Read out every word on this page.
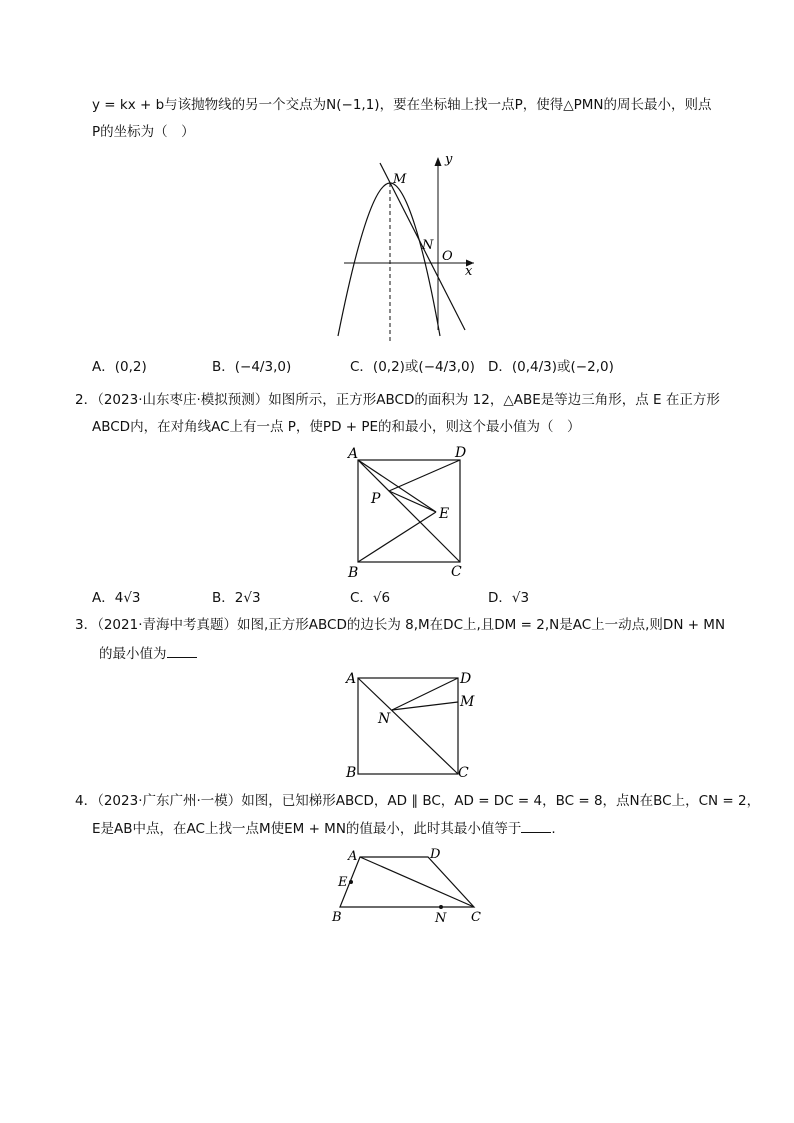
y = kx + b与该抛物线的另一个交点为N(−1,1)，要在坐标轴上找一点P，使得△PMN的周长最小，则点
P的坐标为（　）
M
N
O
x
y
A．(0,2)	B．(−4/3,0)	C．(0,2)或(−4/3,0) D．(0,4/3)或(−2,0)
2．（2023·山东枣庄·模拟预测）如图所示，正方形ABCD的面积为 12，△ABE是等边三角形，点 E 在正方形
ABCD内，在对角线AC上有一点 P，使PD + PE的和最小，则这个最小值为（　）
A	D
B	C
P
E
A．4√3	B．2√3	C．√6	D．√3
3．（2021·青海中考真题）如图,正方形ABCD的边长为 8,M在DC上,且DM = 2,N是AC上一动点,则DN + MN
的最小值为
A	D
M
N
B	C
4．（2023·广东广州·一模）如图，已知梯形ABCD，AD ∥ BC，AD = DC = 4，BC = 8，点N在BC上，CN = 2，
E是AB中点，在AC上找一点M使EM + MN的值最小，此时其最小值等于 .
A	D
E
B	N C
